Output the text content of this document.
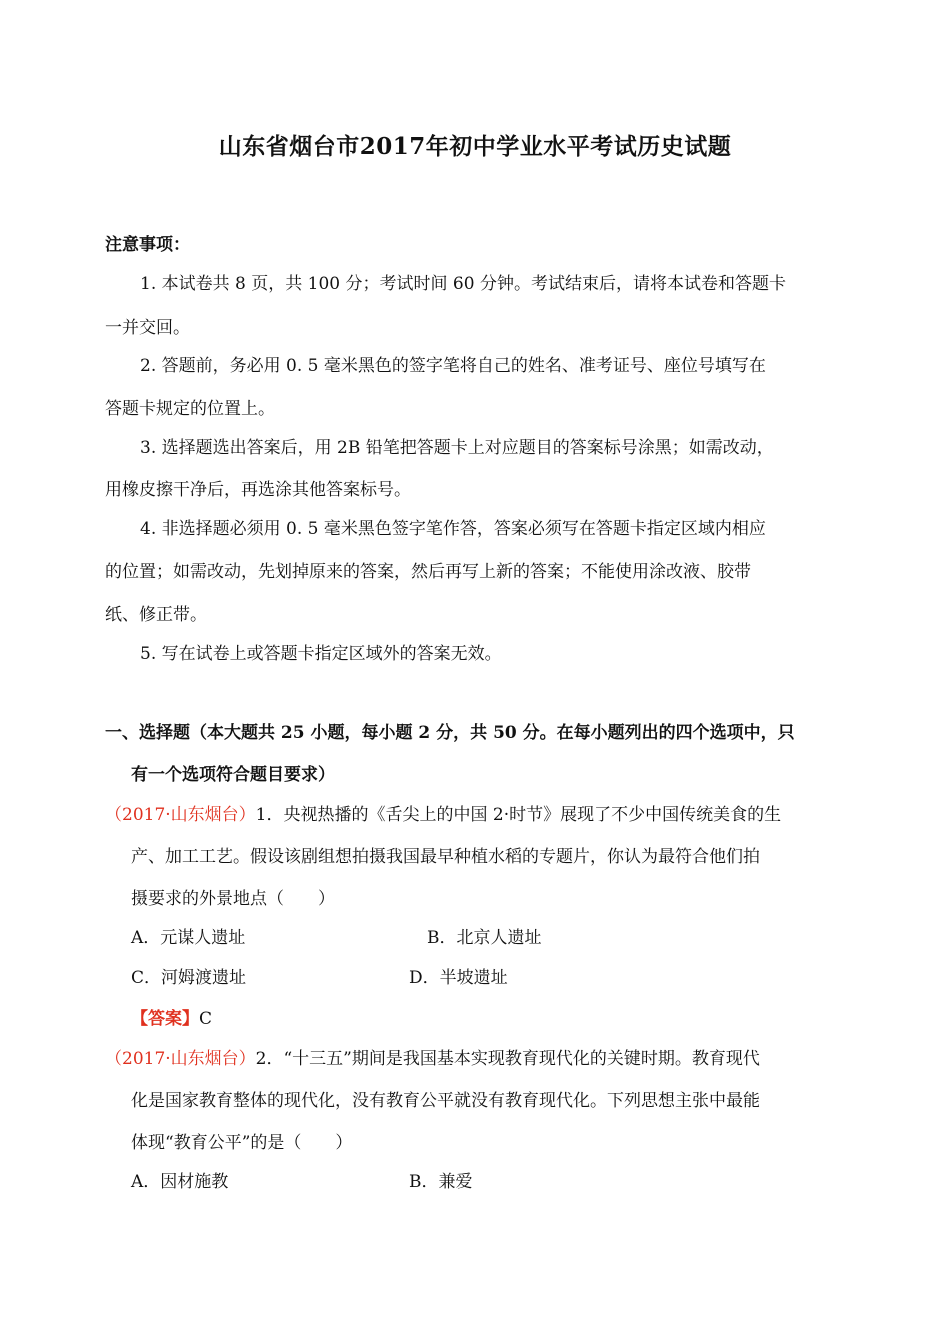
山东省烟台市2017年初中学业水平考试历史试题
注意事项：
1. 本试卷共 8 页，共 100 分；考试时间 60 分钟。考试结束后，请将本试卷和答题卡
一并交回。
2. 答题前，务必用 0. 5 毫米黑色的签字笔将自己的姓名、准考证号、座位号填写在
答题卡规定的位置上。
3. 选择题选出答案后，用 2B 铅笔把答题卡上对应题目的答案标号涂黑；如需改动，
用橡皮擦干净后，再选涂其他答案标号。
4. 非选择题必须用 0. 5 毫米黑色签字笔作答，答案必须写在答题卡指定区域内相应
的位置；如需改动，先划掉原来的答案，然后再写上新的答案；不能使用涂改液、胶带
纸、修正带。
5. 写在试卷上或答题卡指定区域外的答案无效。
一、选择题（本大题共 25 小题，每小题 2 分，共 50 分。在每小题列出的四个选项中，只
有一个选项符合题目要求）
（2017·山东烟台）1．央视热播的《舌尖上的中国 2·时节》展现了不少中国传统美食的生
产、加工工艺。假设该剧组想拍摄我国最早种植水稻的专题片，你认为最符合他们拍
摄要求的外景地点（　　）
A．元谋人遗址	B．北京人遗址
C．河姆渡遗址	D．半坡遗址
【答案】C
（2017·山东烟台）2．“十三五”期间是我国基本实现教育现代化的关键时期。教育现代
化是国家教育整体的现代化，没有教育公平就没有教育现代化。下列思想主张中最能
体现“教育公平”的是（　　）
A．因材施教	B．兼爱
